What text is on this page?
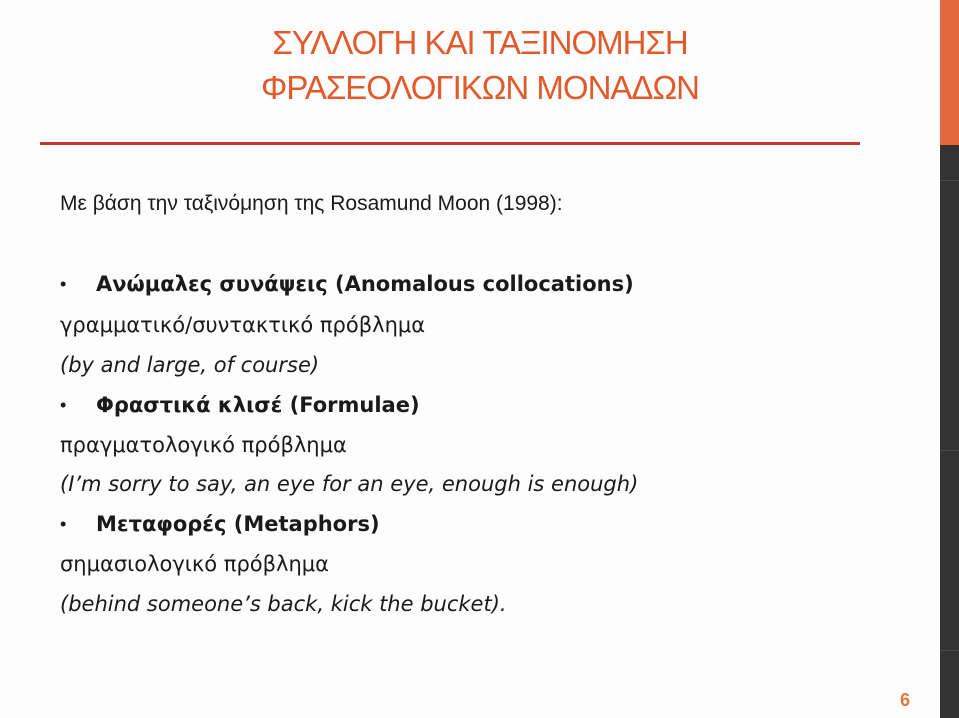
ΣΥΛΛΟΓΗ ΚΑΙ ΤΑΞΙΝΟΜΗΣΗ
ΦΡΑΣΕΟΛΟΓΙΚΩΝ ΜΟΝΑΔΩΝ
Με βάση την ταξινόμηση της Rosamund Moon (1998):
• Ανώμαλες συνάψεις (Anomalous collocations)
γραμματικό/συντακτικό πρόβλημα
(by and large, of course)
• Φραστικά κλισέ (Formulae)
πραγματολογικό πρόβλημα
(I’m sorry to say, an eye for an eye, enough is enough)
• Μεταφορές (Metaphors)
σημασιολογικό πρόβλημα
(behind someone’s back, kick the bucket).
6
